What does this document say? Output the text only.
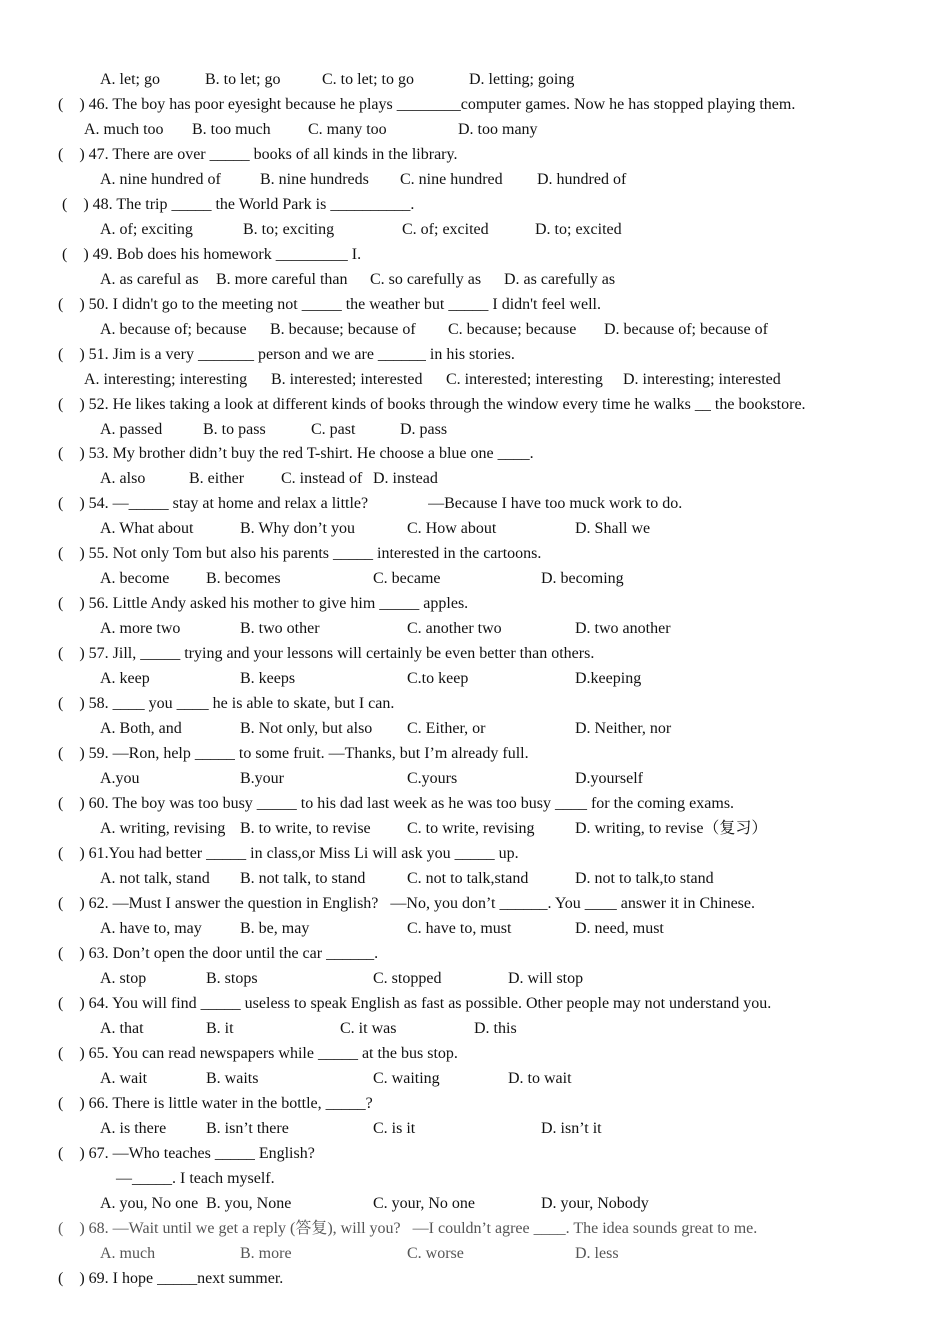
A. let; go	B. to let; go	C. to let; to go	D. letting; going
(    ) 46. The boy has poor eyesight because he plays ________computer games. Now he has stopped playing them.
A. much too B. too much C. many too	D. too many
(    ) 47. There are over _____ books of all kinds in the library.
A. nine hundred of B. nine hundreds C. nine hundred D. hundred of
(    ) 48. The trip _____ the World Park is __________.
A. of; exciting	B. to; exciting	C. of; excited	D. to; excited
(    ) 49. Bob does his homework _________ I.
A. as careful as B. more careful than C. so carefully as D. as carefully as
(    ) 50. I didn't go to the meeting not _____ the weather but _____ I didn't feel well.
A. because of; because B. because; because of C. because; because D. because of; because of
(    ) 51. Jim is a very _______ person and we are ______ in his stories.
A. interesting; interesting B. interested; interested C. interested; interesting D. interesting; interested
(    ) 52. He likes taking a look at different kinds of books through the window every time he walks __ the bookstore.
A. passed	B. to pass	C. past	D. pass
(    ) 53. My brother didn’t buy the red T-shirt. He choose a blue one ____.
A. also	B. either C. instead of D. instead
(    ) 54. —_____ stay at home and relax a little?               —Because I have too muck work to do.
A. What about	B. Why don’t you	C. How about	D. Shall we
(    ) 55. Not only Tom but also his parents _____ interested in the cartoons.
A. become B. becomes	C. became	D. becoming
(    ) 56. Little Andy asked his mother to give him _____ apples.
A. more two	B. two other	C. another two	D. two another
(    ) 57. Jill, _____ trying and your lessons will certainly be even better than others.
A. keep	B. keeps	C.to keep	D.keeping
(    ) 58. ____ you ____ he is able to skate, but I can.
A. Both, and	B. Not only, but also C. Either, or	D. Neither, nor
(    ) 59. —Ron, help _____ to some fruit. —Thanks, but I’m already full.
A.you	B.your	C.yours	D.yourself
(    ) 60. The boy was too busy _____ to his dad last week as he was too busy ____ for the coming exams.
A. writing, revising B. to write, to revise C. to write, revising	D. writing, to revise（复习）
(    ) 61.You had better _____ in class,or Miss Li will ask you _____ up.
A. not talk, stand B. not talk, to stand	C. not to talk,stand	D. not to talk,to stand
(    ) 62. —Must I answer the question in English?   —No, you don’t ______. You ____ answer it in Chinese.
A. have to, may B. be, may	C. have to, must	D. need, must
(    ) 63. Don’t open the door until the car ______.
A. stop	B. stops	C. stopped	D. will stop
(    ) 64. You will find _____ useless to speak English as fast as possible. Other people may not understand you.
A. that	B. it	C. it was	D. this
(    ) 65. You can read newspapers while _____ at the bus stop.
A. wait	B. waits	C. waiting	D. to wait
(    ) 66. There is little water in the bottle, _____?
A. is there B. isn’t there	C. is it	D. isn’t it
(    ) 67. —Who teaches _____ English?
—_____. I teach myself.
A. you, No one B. you, None	C. your, No one	D. your, Nobody
(    ) 68. —Wait until we get a reply (答复), will you?   —I couldn’t agree ____. The idea sounds great to me.
A. much	B. more	C. worse	D. less
(    ) 69. I hope _____next summer.
